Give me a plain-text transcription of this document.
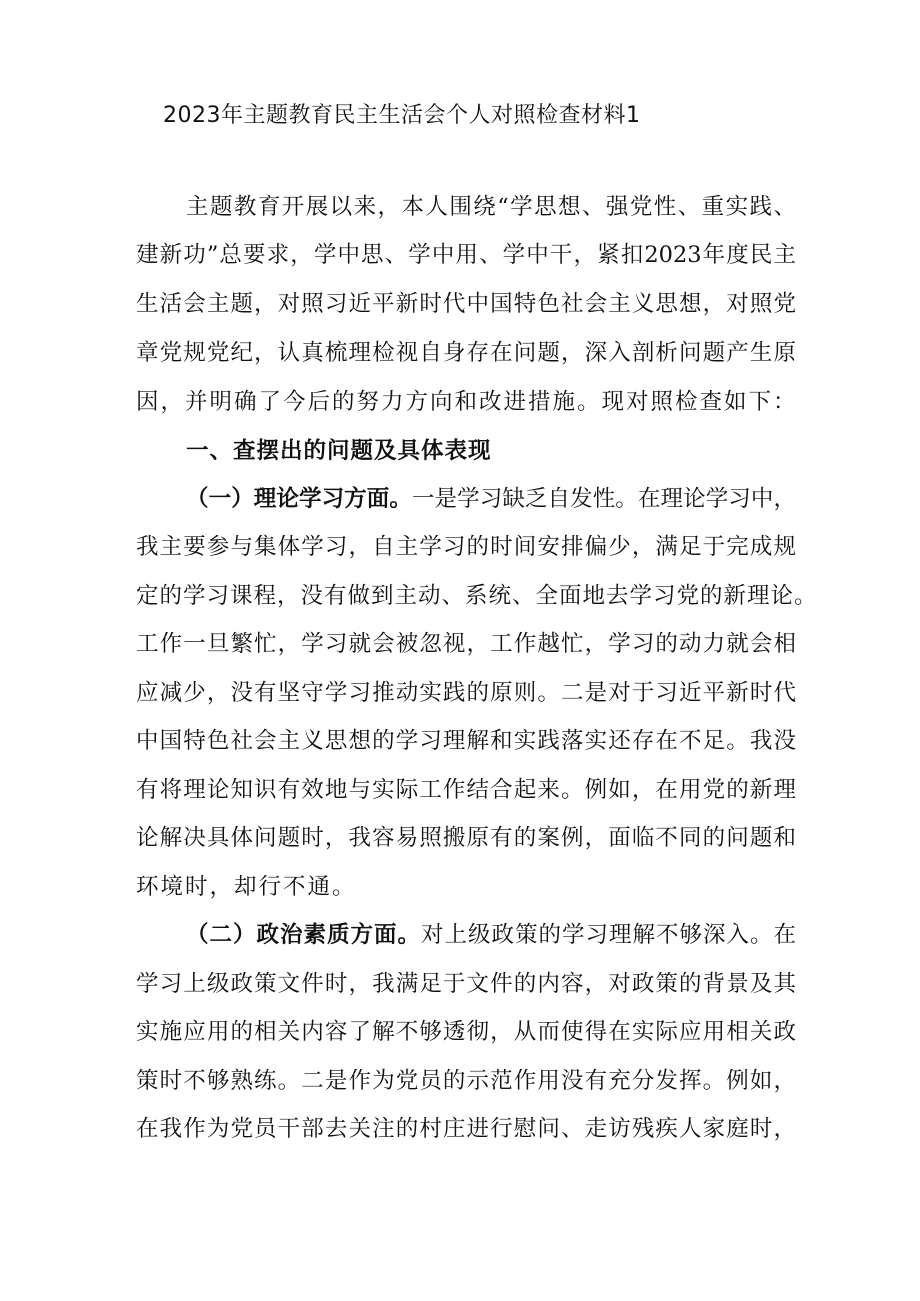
2023年主题教育民主生活会个人对照检查材料1
主题教育开展以来，本人围绕“学思想、强党性、重实践、
建新功”总要求，学中思、学中用、学中干，紧扣2023年度民主
生活会主题，对照习近平新时代中国特色社会主义思想，对照党
章党规党纪，认真梳理检视自身存在问题，深入剖析问题产生原
因，并明确了今后的努力方向和改进措施。现对照检查如下：
一、查摆出的问题及具体表现
（一）理论学习方面。一是学习缺乏自发性。在理论学习中，
我主要参与集体学习，自主学习的时间安排偏少，满足于完成规
定的学习课程，没有做到主动、系统、全面地去学习党的新理论。
工作一旦繁忙，学习就会被忽视，工作越忙，学习的动力就会相
应减少，没有坚守学习推动实践的原则。二是对于习近平新时代
中国特色社会主义思想的学习理解和实践落实还存在不足。我没
有将理论知识有效地与实际工作结合起来。例如，在用党的新理
论解决具体问题时，我容易照搬原有的案例，面临不同的问题和
环境时，却行不通。
（二）政治素质方面。对上级政策的学习理解不够深入。在
学习上级政策文件时，我满足于文件的内容，对政策的背景及其
实施应用的相关内容了解不够透彻，从而使得在实际应用相关政
策时不够熟练。二是作为党员的示范作用没有充分发挥。例如，
在我作为党员干部去关注的村庄进行慰问、走访残疾人家庭时，
